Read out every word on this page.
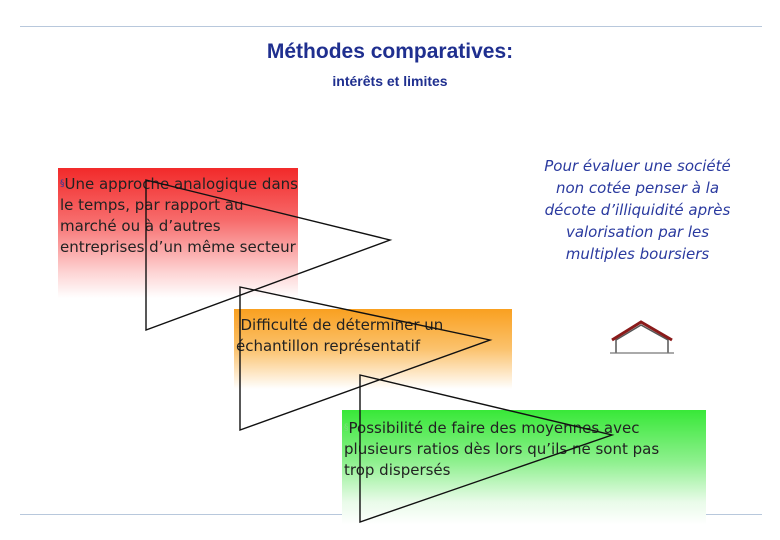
Méthodes comparatives:
intérêts et limites
§Une approche analogique dans le temps, par rapport au marché ou à d’autres entreprises d’un même secteur
§Difficulté de déterminer un échantillon représentatif
§Possibilité de faire des moyennes avec plusieurs ratios dès lors qu’ils ne sont pas trop dispersés
Pour évaluer une société non cotée penser à la décote d’illiquidité après valorisation par les multiples boursiers
